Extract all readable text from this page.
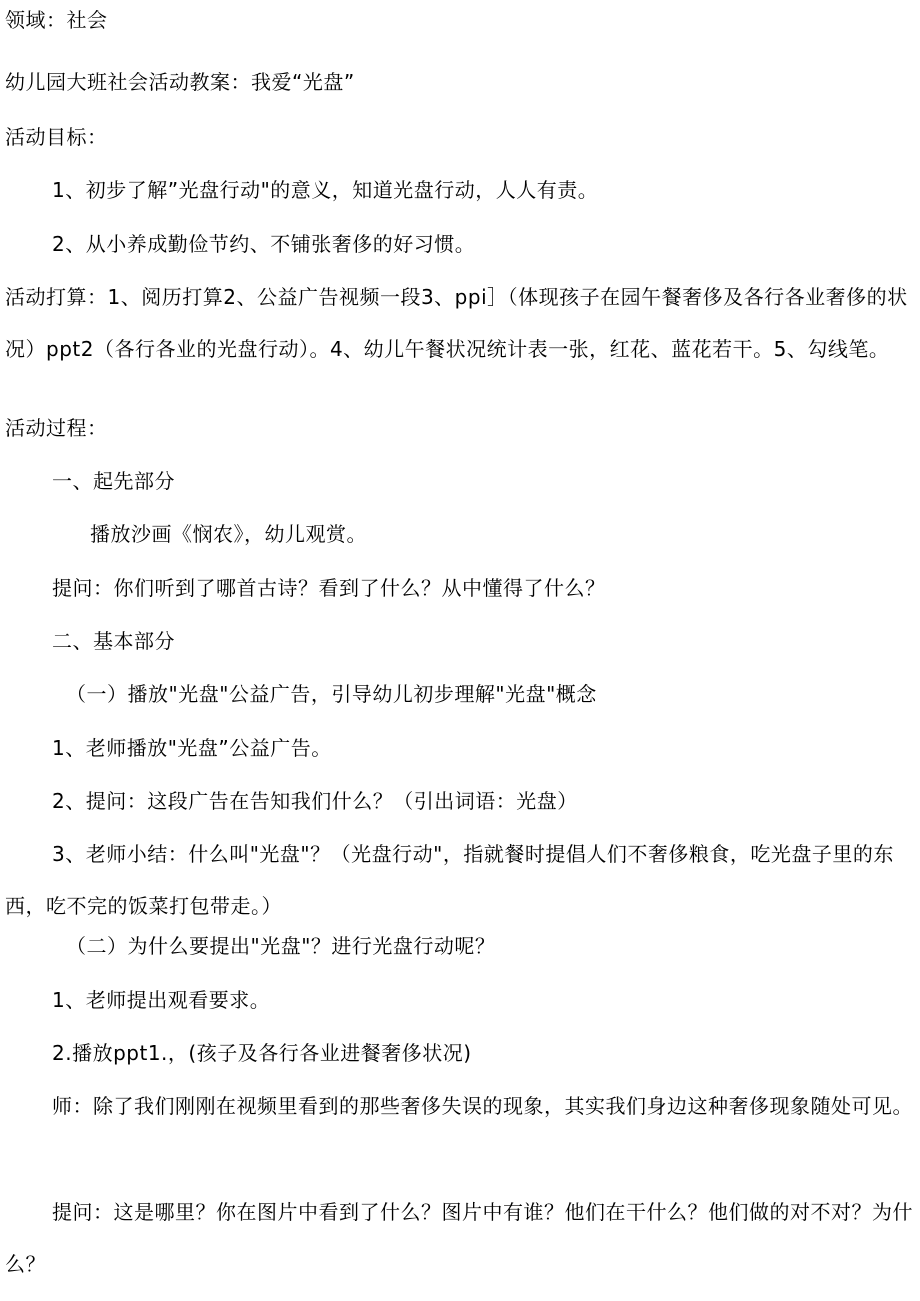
领域：社会
幼儿园大班社会活动教案：我爱“光盘”
活动目标：
1、初步了解”光盘行动"的意义，知道光盘行动，人人有责。
2、从小养成勤俭节约、不铺张奢侈的好习惯。
活动打算：1、阅历打算2、公益广告视频一段3、ppi］（体现孩子在园午餐奢侈及各行各业奢侈的状况）ppt2（各行各业的光盘行动）。4、幼儿午餐状况统计表一张，红花、蓝花若干。5、勾线笔。
活动过程：
一、起先部分
播放沙画《悯农》，幼儿观赏。
提问：你们听到了哪首古诗？看到了什么？从中懂得了什么？
二、基本部分
（一）播放"光盘"公益广告，引导幼儿初步理解"光盘"概念
1、老师播放"光盘”公益广告。
2、提问：这段广告在告知我们什么？（引出词语：光盘）
3、老师小结：什么叫"光盘"？（光盘行动"，指就餐时提倡人们不奢侈粮食，吃光盘子里的东西，吃不完的饭菜打包带走。）
（二）为什么要提出"光盘"？进行光盘行动呢？
1、老师提出观看要求。
2.播放ppt1.，(孩子及各行各业进餐奢侈状况)
师：除了我们刚刚在视频里看到的那些奢侈失误的现象，其实我们身边这种奢侈现象随处可见。
提问：这是哪里？你在图片中看到了什么？图片中有谁？他们在干什么？他们做的对不对？为什么？
